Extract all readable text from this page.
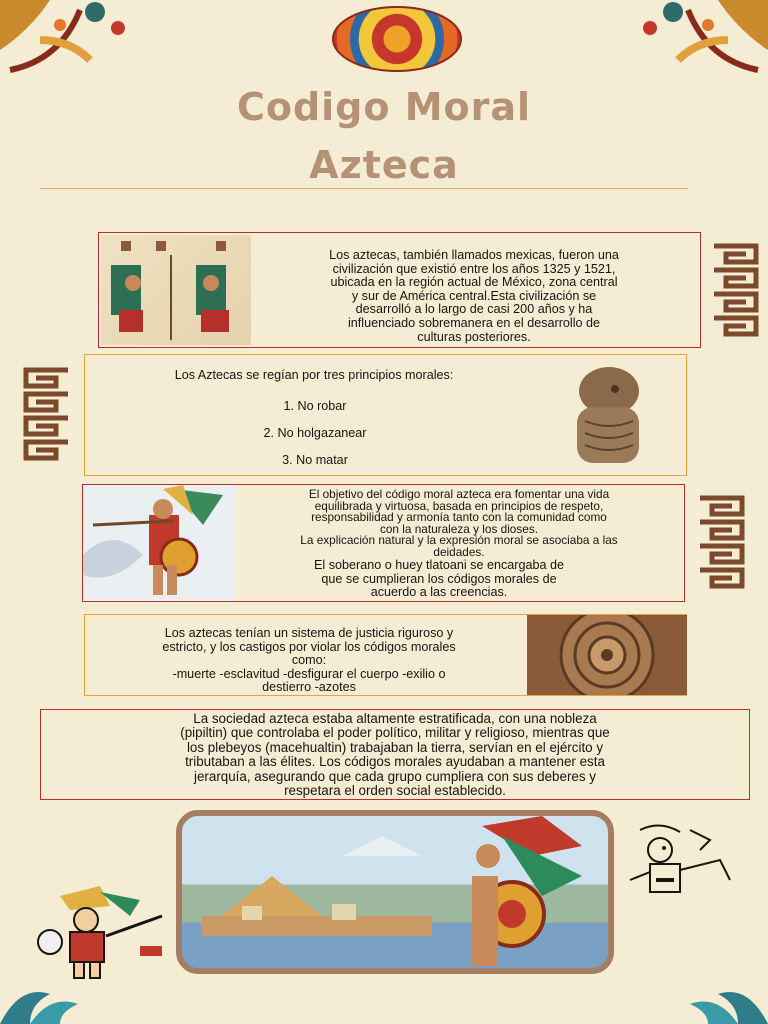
Codigo Moral
Azteca
Los aztecas, también llamados mexicas, fueron una
civilización que existió entre los años 1325 y 1521,
ubicada en la región actual de México, zona central
y sur de América central.Esta civilización se
desarrolló a lo largo de casi 200 años y ha
influenciado sobremanera en el desarrollo de
culturas posteriores.
Los Aztecas se regían por tres principios morales:
1. No robar
2. No holgazanear
3. No matar
El objetivo del código moral azteca era fomentar una vida
equilibrada y virtuosa, basada en principios de respeto,
responsabilidad y armonía tanto con la comunidad como
con la naturaleza y los dioses.
La explicación natural y la expresión moral se asociaba a las
deidades.
El soberano o huey tlatoani se encargaba de
que se cumplieran los códigos morales de
acuerdo a las creencias.
Los aztecas tenían un sistema de justicia riguroso y
estricto, y los castigos por violar los códigos morales
como:
-muerte -esclavitud -desfigurar el cuerpo -exilio o
destierro -azotes
La sociedad azteca estaba altamente estratificada, con una nobleza
(pipiltin) que controlaba el poder político, militar y religioso, mientras que
los plebeyos (macehualtin) trabajaban la tierra, servían en el ejército y
tributaban a las élites. Los códigos morales ayudaban a mantener esta
jerarquía, asegurando que cada grupo cumpliera con sus deberes y
respetara el orden social establecido.
